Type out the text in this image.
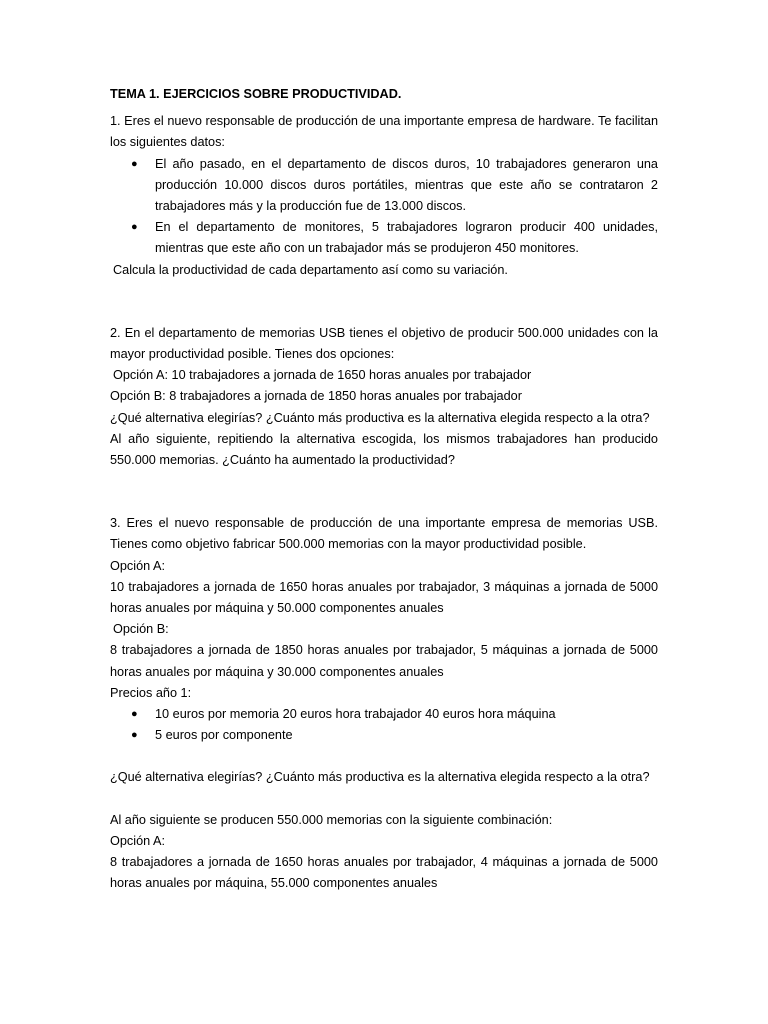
TEMA 1. EJERCICIOS SOBRE PRODUCTIVIDAD.

1. Eres el nuevo responsable de producción de una importante empresa de hardware. Te facilitan los siguientes datos:

● El año pasado, en el departamento de discos duros, 10 trabajadores generaron una producción 10.000 discos duros portátiles, mientras que este año se contrataron 2 trabajadores más y la producción fue de 13.000 discos.
● En el departamento de monitores, 5 trabajadores lograron producir 400 unidades, mientras que este año con un trabajador más se produjeron 450 monitores.

Calcula la productividad de cada departamento así como su variación.

2. En el departamento de memorias USB tienes el objetivo de producir 500.000 unidades con la mayor productividad posible. Tienes dos opciones:

Opción A: 10 trabajadores a jornada de 1650 horas anuales por trabajador

Opción B: 8 trabajadores a jornada de 1850 horas anuales por trabajador

¿Qué alternativa elegirías? ¿Cuánto más productiva es la alternativa elegida respecto a la otra?

Al año siguiente, repitiendo la alternativa escogida, los mismos trabajadores han producido 550.000 memorias. ¿Cuánto ha aumentado la productividad?

3. Eres el nuevo responsable de producción de una importante empresa de memorias USB. Tienes como objetivo fabricar 500.000 memorias con la mayor productividad posible.

Opción A:

10 trabajadores a jornada de 1650 horas anuales por trabajador, 3 máquinas a jornada de 5000 horas anuales por máquina y 50.000 componentes anuales

Opción B:

8 trabajadores a jornada de 1850 horas anuales por trabajador, 5 máquinas a jornada de 5000 horas anuales por máquina y 30.000 componentes anuales

Precios año 1:

● 10 euros por memoria 20 euros hora trabajador 40 euros hora máquina
● 5 euros por componente

¿Qué alternativa elegirías? ¿Cuánto más productiva es la alternativa elegida respecto a la otra?

Al año siguiente se producen 550.000 memorias con la siguiente combinación:

Opción A:

8 trabajadores a jornada de 1650 horas anuales por trabajador, 4 máquinas a jornada de 5000 horas anuales por máquina, 55.000 componentes anuales
